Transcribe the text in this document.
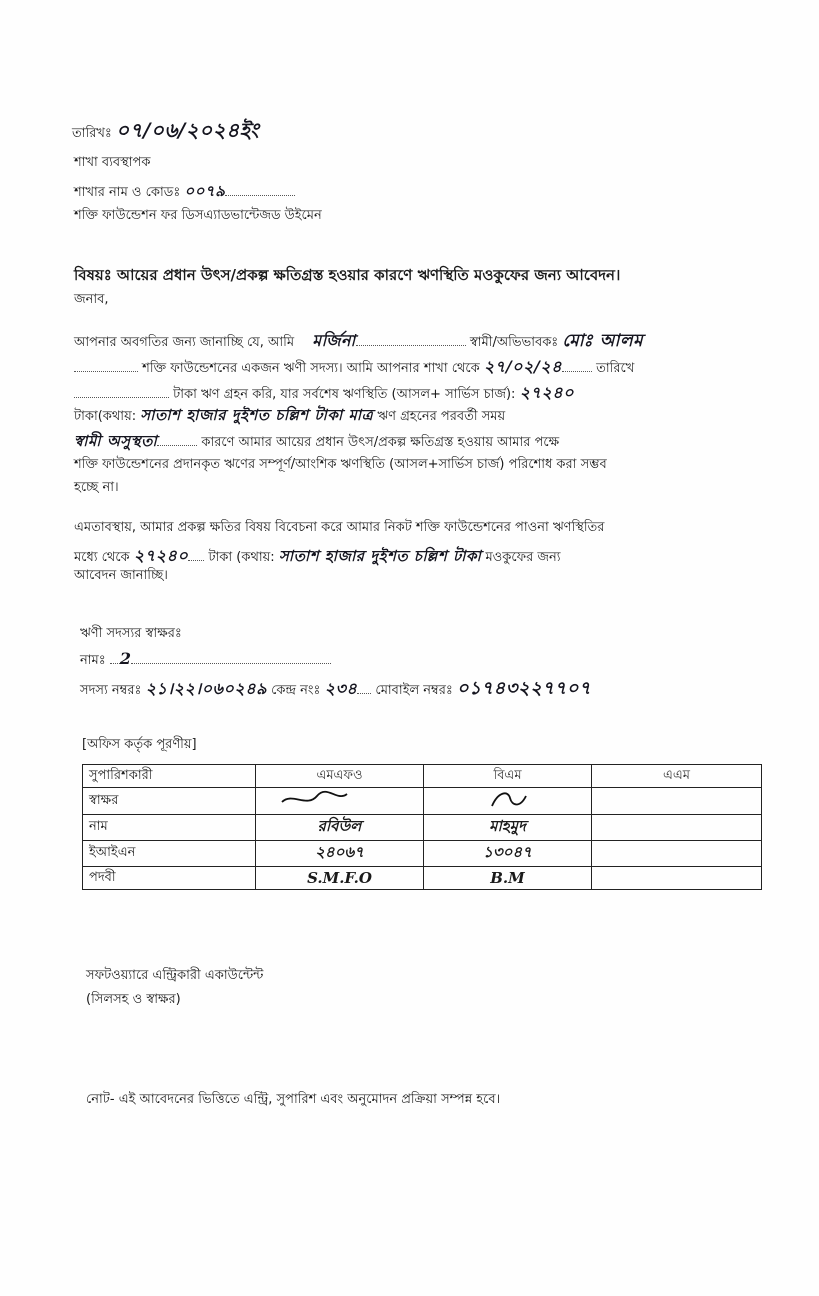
তারিখঃ ০৭/০৬/২০২৪ইং
শাখা ব্যবস্থাপক
শাখার নাম ও কোডঃ ০০৭৯
শক্তি ফাউন্ডেশন ফর ডিসএ্যাডভান্টেজড উইমেন
বিষয়ঃ আয়ের প্রধান উৎস/প্রকল্প ক্ষতিগ্রস্ত হওয়ার কারণে ঋণস্থিতি মওকুফের জন্য আবেদন।
জনাব,
আপনার অবগতির জন্য জানাচ্ছি যে, আমি মর্জিনা	স্বামী/অভিভাবকঃ মোঃ আলম
শক্তি ফাউন্ডেশনের একজন ঋণী সদস্য। আমি আপনার শাখা থেকে ২৭/০২/২৪	তারিখে
টাকা ঋণ গ্রহন করি, যার সর্বশেষ ঋণস্থিতি (আসল+ সার্ভিস চার্জ): ২৭২৪০
টাকা(কথায়: সাতাশ হাজার দুইশত চল্লিশ টাকা মাত্র ঋণ গ্রহনের পরবর্তী সময়
স্বামী অসুস্থতা	কারণে আমার আয়ের প্রধান উৎস/প্রকল্প ক্ষতিগ্রস্ত হওয়ায় আমার পক্ষে
শক্তি ফাউন্ডেশনের প্রদানকৃত ঋণের সম্পূর্ণ/আংশিক ঋণস্থিতি (আসল+সার্ভিস চার্জ) পরিশোধ করা সম্ভব
হচ্ছে না।
এমতাবস্থায়, আমার প্রকল্প ক্ষতির বিষয় বিবেচনা করে আমার নিকট শক্তি ফাউন্ডেশনের পাওনা ঋণস্থিতির
মধ্যে থেকে ২৭২৪০ টাকা (কথায়: সাতাশ হাজার দুইশত চল্লিশ টাকা মওকুফের জন্য
আবেদন জানাচ্ছি।
ঋণী সদস্যর স্বাক্ষরঃ
নামঃ 2
সদস্য নম্বরঃ ২১।২২।০৬০২৪৯ কেন্দ্র নংঃ ২৩৪ মোবাইল নম্বরঃ ০১৭৪৩২২৭৭০৭
[অফিস কর্তৃক পূরণীয়]
সুপারিশকারী	এমএফও	বিএম	এএম
স্বাক্ষর			
নাম	রবিউল	মাহমুদ	
ইআইএন	২৪০৬৭	১৩০৪৭	
পদবী	S.M.F.O	B.M	
সফটওয়্যারে এন্ট্রিকারী একাউন্টেন্ট
(সিলসহ ও স্বাক্ষর)
নোট- এই আবেদনের ভিত্তিতে এন্ট্রি, সুপারিশ এবং অনুমোদন প্রক্রিয়া সম্পন্ন হবে।
